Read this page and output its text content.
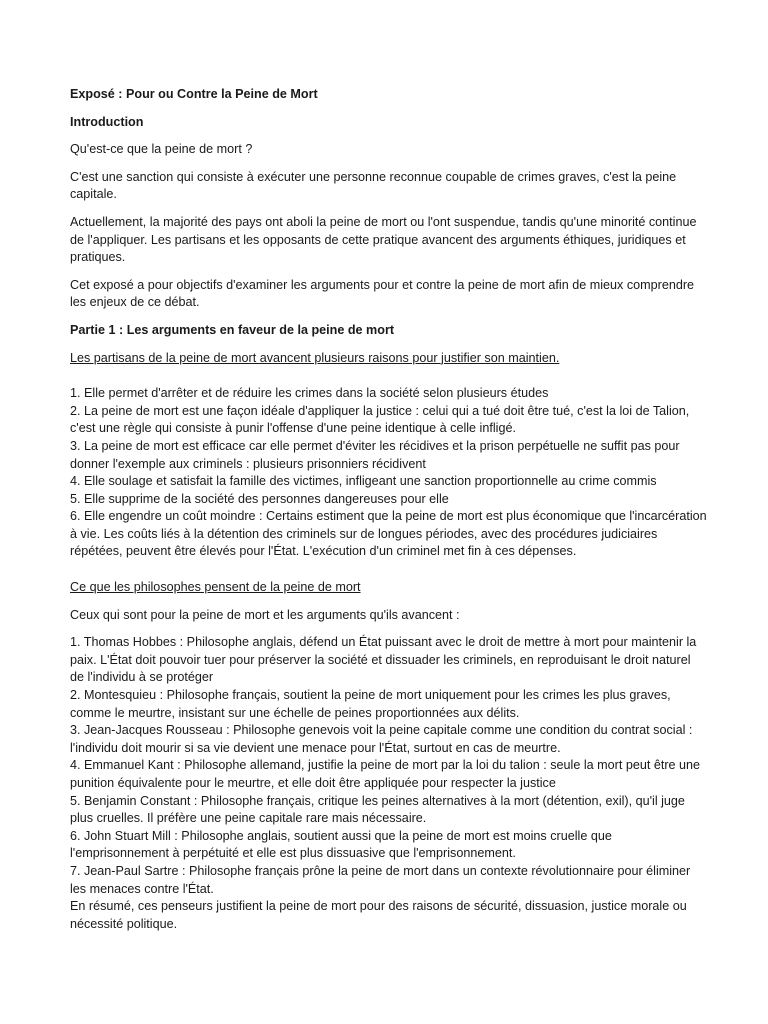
Exposé : Pour ou Contre la Peine de Mort

Introduction

Qu'est-ce que la peine de mort ?

C'est une sanction qui consiste à exécuter une personne reconnue coupable de crimes graves, c'est la peine capitale.

Actuellement, la majorité des pays ont aboli la peine de mort ou l'ont suspendue, tandis qu'une minorité continue de l'appliquer. Les partisans et les opposants de cette pratique avancent des arguments éthiques, juridiques et pratiques.

Cet exposé a pour objectifs d'examiner les arguments pour et contre la peine de mort afin de mieux comprendre les enjeux de ce débat.

Partie 1 : Les arguments en faveur de la peine de mort

Les partisans de la peine de mort avancent plusieurs raisons pour justifier son maintien.

1. Elle permet d'arrêter et de réduire les crimes dans la société selon plusieurs études
2. La peine de mort est une façon idéale d'appliquer la justice : celui qui a tué doit être tué, c'est la loi de Talion, c'est une règle qui consiste à punir l'offense d'une peine identique à celle infligé.
3. La peine de mort est efficace car elle permet d'éviter les récidives et la prison perpétuelle ne suffit pas pour donner l'exemple aux criminels : plusieurs prisonniers récidivent
4. Elle soulage et satisfait la famille des victimes, infligeant une sanction proportionnelle au crime commis
5. Elle supprime de la société des personnes dangereuses pour elle
6. Elle engendre un coût moindre : Certains estiment que la peine de mort est plus économique que l'incarcération à vie. Les coûts liés à la détention des criminels sur de longues périodes, avec des procédures judiciaires répétées, peuvent être élevés pour l'État. L'exécution d'un criminel met fin à ces dépenses.

Ce que les philosophes pensent de la peine de mort

Ceux qui sont pour la peine de mort et les arguments qu'ils avancent :

1. Thomas Hobbes : Philosophe anglais, défend un État puissant avec le droit de mettre à mort pour maintenir la paix. L'État doit pouvoir tuer pour préserver la société et dissuader les criminels, en reproduisant le droit naturel de l'individu à se protéger
2. Montesquieu : Philosophe français, soutient la peine de mort uniquement pour les crimes les plus graves, comme le meurtre, insistant sur une échelle de peines proportionnées aux délits.
3. Jean-Jacques Rousseau : Philosophe genevois voit la peine capitale comme une condition du contrat social : l'individu doit mourir si sa vie devient une menace pour l'État, surtout en cas de meurtre.
4. Emmanuel Kant : Philosophe allemand, justifie la peine de mort par la loi du talion : seule la mort peut être une punition équivalente pour le meurtre, et elle doit être appliquée pour respecter la justice
5. Benjamin Constant : Philosophe français, critique les peines alternatives à la mort (détention, exil), qu'il juge plus cruelles. Il préfère une peine capitale rare mais nécessaire.
6. John Stuart Mill : Philosophe anglais, soutient aussi que la peine de mort est moins cruelle que l'emprisonnement à perpétuité et elle est plus dissuasive que l'emprisonnement.
7. Jean-Paul Sartre : Philosophe français prône la peine de mort dans un contexte révolutionnaire pour éliminer les menaces contre l'État.
En résumé, ces penseurs justifient la peine de mort pour des raisons de sécurité, dissuasion, justice morale ou nécessité politique.
